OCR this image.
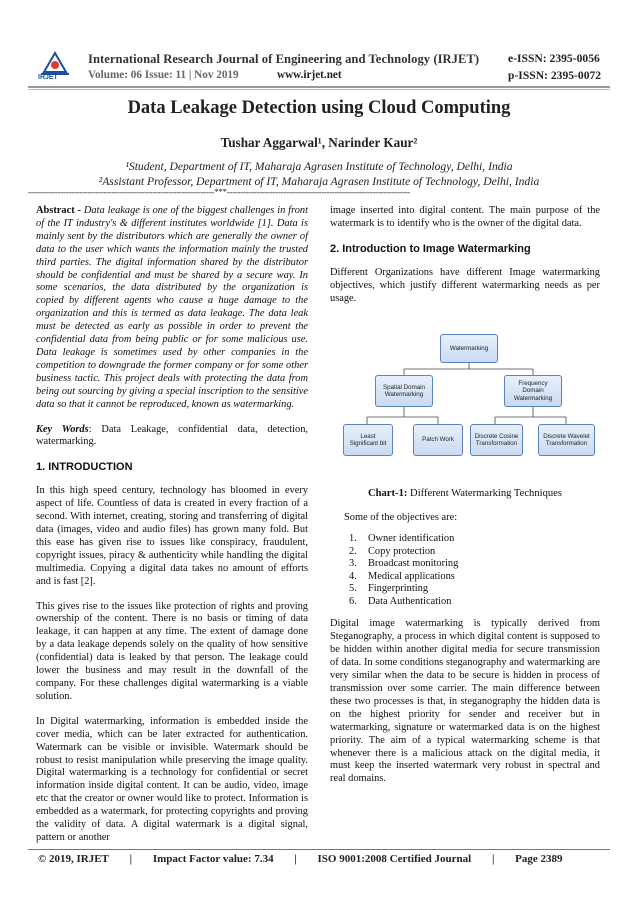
IRJET
International Research Journal of Engineering and Technology (IRJET) e-ISSN: 2395-0056
Volume: 06 Issue: 11 | Nov 2019	www.irjet.net	p-ISSN: 2395-0072
Data Leakage Detection using Cloud Computing
Tushar Aggarwal¹, Narinder Kaur²
¹Student, Department of IT, Maharaja Agrasen Institute of Technology, Delhi, India
²Assistant Professor, Department of IT, Maharaja Agrasen Institute of Technology, Delhi, India
---------------------------------------------------------------------***--------------------------------------------------------------------

Abstract - Data leakage is one of the biggest challenges in front of the IT industry's & different institutes worldwide [1]. Data is mainly sent by the distributors which are generally the owner of data to the user which wants the information mainly the trusted third parties. The digital information shared by the distributor should be confidential and must be shared by a secure way. In some scenarios, the data distributed by the organization is copied by different agents who cause a huge damage to the organization and this is termed as data leakage. The data leak must be detected as early as possible in order to prevent the confidential data from being public or for some malicious use. Data leakage is sometimes used by other companies in the competition to downgrade the former company or for some other business tactic. This project deals with protecting the data from being out sourcing by giving a special inscription to the sensitive data so that it cannot be reproduced, known as watermarking.

Key Words: Data Leakage, confidential data, detection, watermarking.

1. INTRODUCTION

In this high speed century, technology has bloomed in every aspect of life. Countless of data is created in every fraction of a second. With internet, creating, storing and transferring of digital data (images, video and audio files) has grown many fold. But this ease has given rise to issues like conspiracy, fraudulent, copyright issues, piracy & authenticity while handling the digital multimedia. Copying a digital data takes no amount of efforts and is fast [2].

This gives rise to the issues like protection of rights and proving ownership of the content. There is no basis or timing of data leakage, it can happen at any time. The extent of damage done by a data leakage depends solely on the quality of how sensitive (confidential) data is leaked by that person. The leakage could lower the business and may result in the downfall of the company. For these challenges digital watermarking is a viable solution.

In Digital watermarking, information is embedded inside the cover media, which can be later extracted for authentication. Watermark can be visible or invisible. Watermark should be robust to resist manipulation while preserving the image quality. Digital watermarking is a technology for confidential or secret information inside digital content. It can be audio, video, image etc that the creator or owner would like to protect. Information is embedded as a watermark, for protecting copyrights and proving the validity of data. A digital watermark is a digital signal, pattern or another

image inserted into digital content. The main purpose of the watermark is to identify who is the owner of the digital data.

2. Introduction to Image Watermarking

Different Organizations have different Image watermarking objectives, which justify different watermarking needs as per usage.

Watermarking
Spatial Domain Watermarking
Frequency Domain Watermarking
Least Significant bit
Patch Work
Discrete Cosine Transformation
Discrete Wavelet Transformation
Chart-1: Different Watermarking Techniques

Some of the objectives are:

1. Owner identification
2. Copy protection
3. Broadcast monitoring
4. Medical applications
5. Fingerprinting
6. Data Authentication

Digital image watermarking is typically derived from Steganography, a process in which digital content is supposed to be hidden within another digital media for secure transmission of data. In some conditions steganography and watermarking are very similar when the data to be secure is hidden in process of transmission over some carrier. The main difference between these two processes is that, in steganography the hidden data is on the highest priority for sender and receiver but in watermarking, signature or watermarked data is on the highest priority. The aim of a typical watermarking scheme is that whenever there is a malicious attack on the digital media, it must keep the inserted watermark very robust in spectral and real domains.

© 2019, IRJET | Impact Factor value: 7.34 | ISO 9001:2008 Certified Journal | Page 2389
